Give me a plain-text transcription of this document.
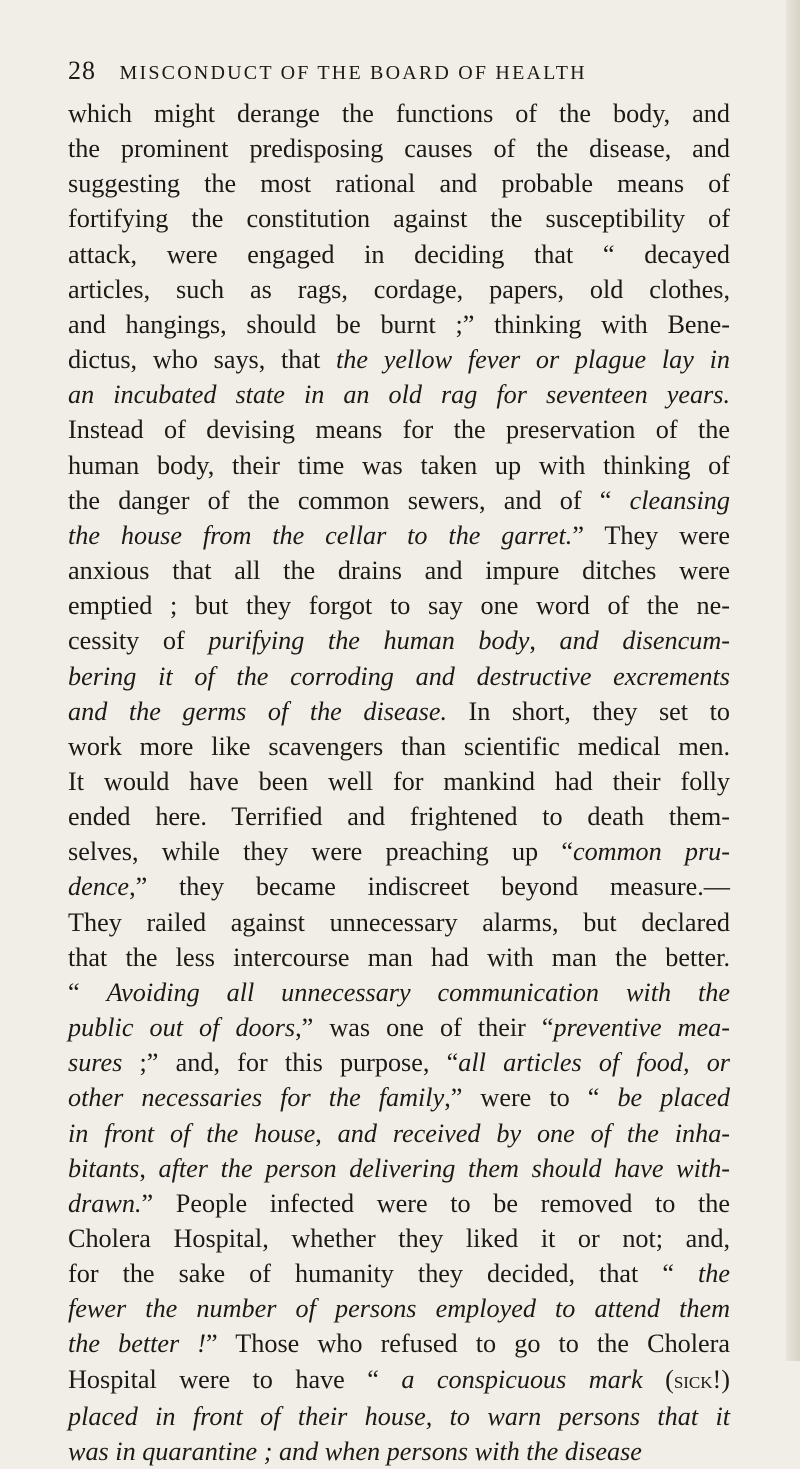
28 MISCONDUCT OF THE BOARD OF HEALTH
which might derange the functions of the body, and
the prominent predisposing causes of the disease, and
suggesting the most rational and probable means of
fortifying the constitution against the susceptibility of
attack, were engaged in deciding that “ decayed
articles, such as rags, cordage, papers, old clothes,
and hangings, should be burnt ;” thinking with Bene-
dictus, who says, that the yellow fever or plague lay in
an incubated state in an old rag for seventeen years.
Instead of devising means for the preservation of the
human body, their time was taken up with thinking of
the danger of the common sewers, and of “ cleansing
the house from the cellar to the garret.” They were
anxious that all the drains and impure ditches were
emptied ; but they forgot to say one word of the ne-
cessity of purifying the human body, and disencum-
bering it of the corroding and destructive excrements
and the germs of the disease. In short, they set to
work more like scavengers than scientific medical men.
It would have been well for mankind had their folly
ended here. Terrified and frightened to death them-
selves, while they were preaching up “common pru-
dence,” they became indiscreet beyond measure.—
They railed against unnecessary alarms, but declared
that the less intercourse man had with man the better.
“ Avoiding all unnecessary communication with the
public out of doors,” was one of their “preventive mea-
sures ;” and, for this purpose, “all articles of food, or
other necessaries for the family,” were to “ be placed
in front of the house, and received by one of the inha-
bitants, after the person delivering them should have with-
drawn.” People infected were to be removed to the
Cholera Hospital, whether they liked it or not; and,
for the sake of humanity they decided, that “ the
fewer the number of persons employed to attend them
the better !” Those who refused to go to the Cholera
Hospital were to have “ a conspicuous mark (sick!)
placed in front of their house, to warn persons that it
was in quarantine ; and when persons with the disease
